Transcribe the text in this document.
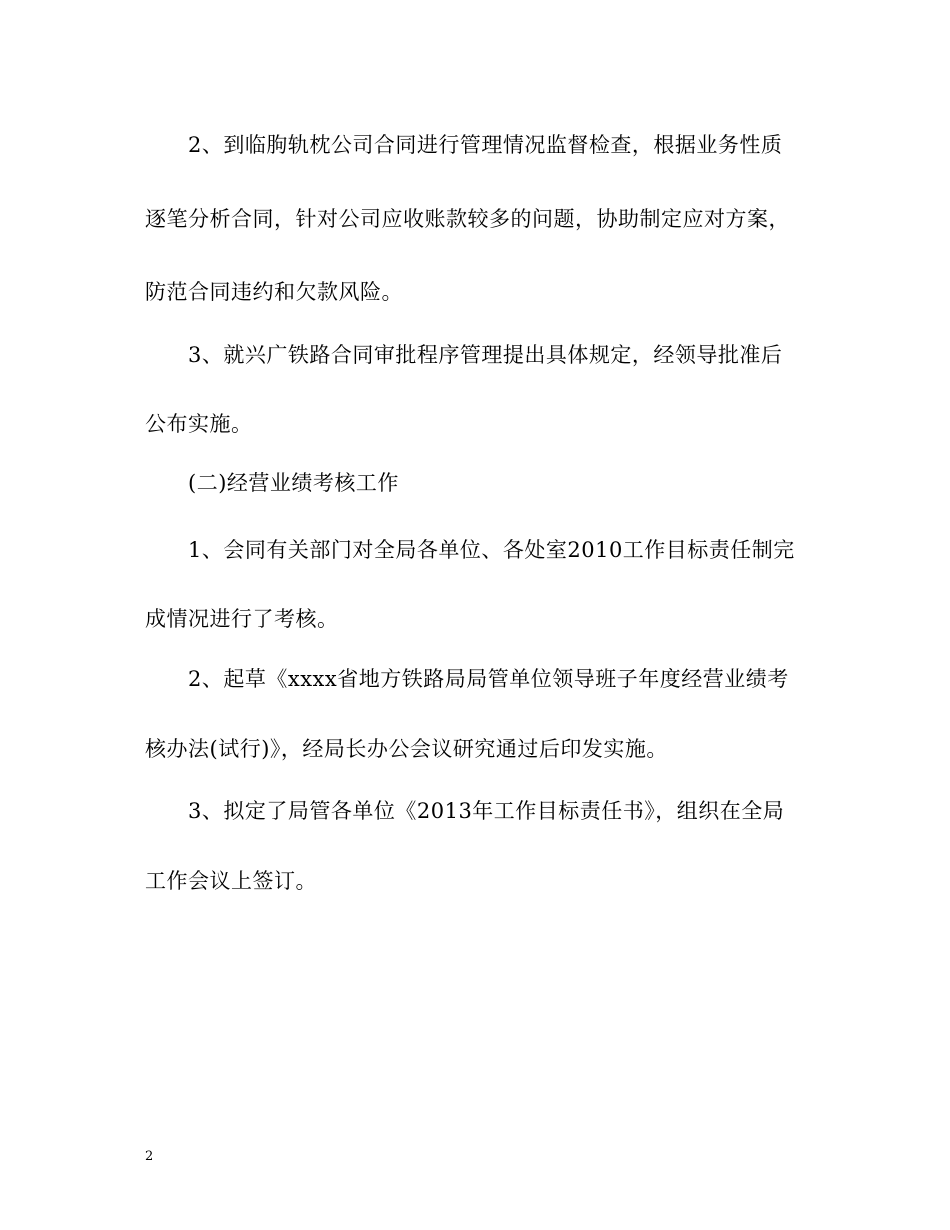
2、到临朐轨枕公司合同进行管理情况监督检查，根据业务性质
逐笔分析合同，针对公司应收账款较多的问题，协助制定应对方案，
防范合同违约和欠款风险。
3、就兴广铁路合同审批程序管理提出具体规定，经领导批准后
公布实施。
(二)经营业绩考核工作
1、会同有关部门对全局各单位、各处室2010工作目标责任制完
成情况进行了考核。
2、起草《xxxx省地方铁路局局管单位领导班子年度经营业绩考
核办法(试行)》，经局长办公会议研究通过后印发实施。
3、拟定了局管各单位《2013年工作目标责任书》，组织在全局
工作会议上签订。
2
